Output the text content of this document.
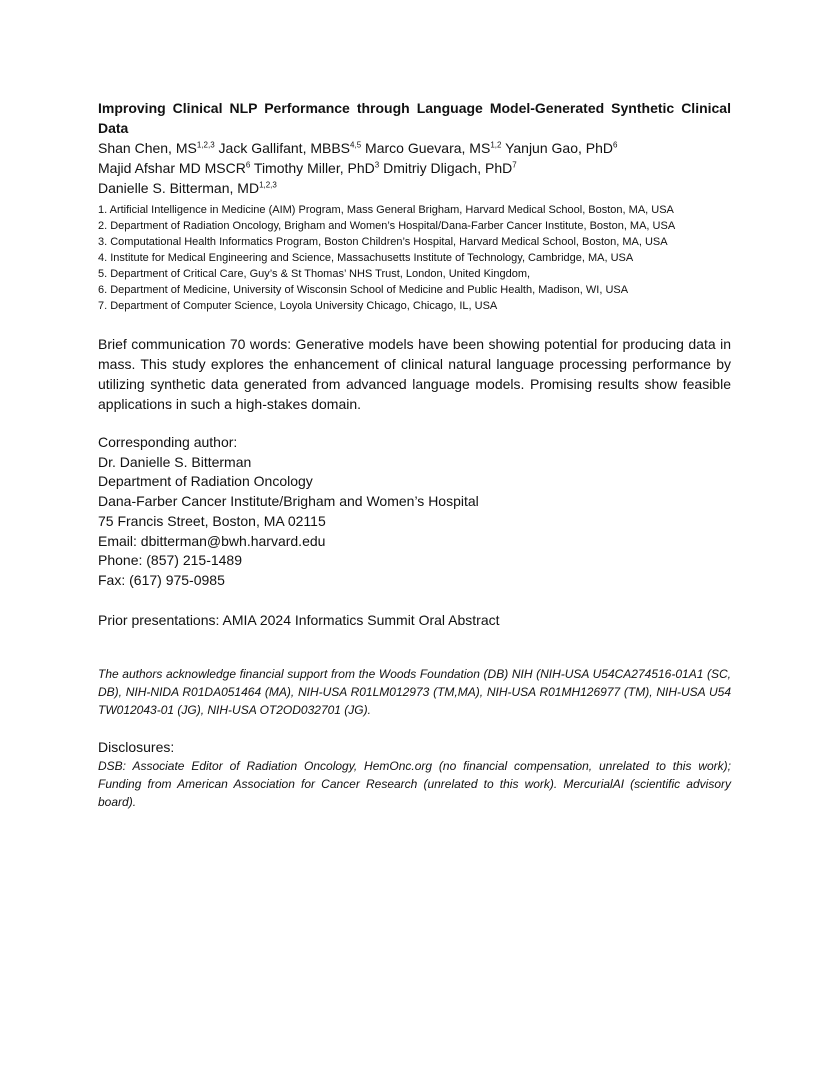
Improving Clinical NLP Performance through Language Model-Generated Synthetic Clinical Data
Shan Chen, MS$^{1,2,3}$ Jack Gallifant, MBBS$^{4,5}$ Marco Guevara, MS$^{1,2}$ Yanjun Gao, PhD$^6$
Majid Afshar MD MSCR$^6$ Timothy Miller, PhD$^3$ Dmitriy Dligach, PhD$^7$
Danielle S. Bitterman, MD$^{1,2,3}$
1. Artificial Intelligence in Medicine (AIM) Program, Mass General Brigham, Harvard Medical School, Boston, MA, USA
2. Department of Radiation Oncology, Brigham and Women’s Hospital/Dana-Farber Cancer Institute, Boston, MA, USA
3. Computational Health Informatics Program, Boston Children’s Hospital, Harvard Medical School, Boston, MA, USA
4. Institute for Medical Engineering and Science, Massachusetts Institute of Technology, Cambridge, MA, USA
5. Department of Critical Care, Guy’s & St Thomas’ NHS Trust, London, United Kingdom,
6. Department of Medicine, University of Wisconsin School of Medicine and Public Health, Madison, WI, USA
7. Department of Computer Science, Loyola University Chicago, Chicago, IL, USA

Brief communication 70 words: Generative models have been showing potential for producing data in mass. This study explores the enhancement of clinical natural language processing performance by utilizing synthetic data generated from advanced language models. Promising results show feasible applications in such a high-stakes domain.

Corresponding author:
Dr. Danielle S. Bitterman
Department of Radiation Oncology
Dana-Farber Cancer Institute/Brigham and Women’s Hospital
75 Francis Street, Boston, MA 02115
Email: dbitterman@bwh.harvard.edu
Phone: (857) 215-1489
Fax: (617) 975-0985

Prior presentations: AMIA 2024 Informatics Summit Oral Abstract

The authors acknowledge financial support from the Woods Foundation (DB) NIH (NIH-USA U54CA274516-01A1 (SC, DB), NIH-NIDA R01DA051464 (MA), NIH-USA R01LM012973 (TM,MA), NIH-USA R01MH126977 (TM), NIH-USA U54 TW012043-01 (JG), NIH-USA OT2OD032701 (JG).

Disclosures:

DSB: Associate Editor of Radiation Oncology, HemOnc.org (no financial compensation, unrelated to this work); Funding from American Association for Cancer Research (unrelated to this work). MercurialAI (scientific advisory board).
